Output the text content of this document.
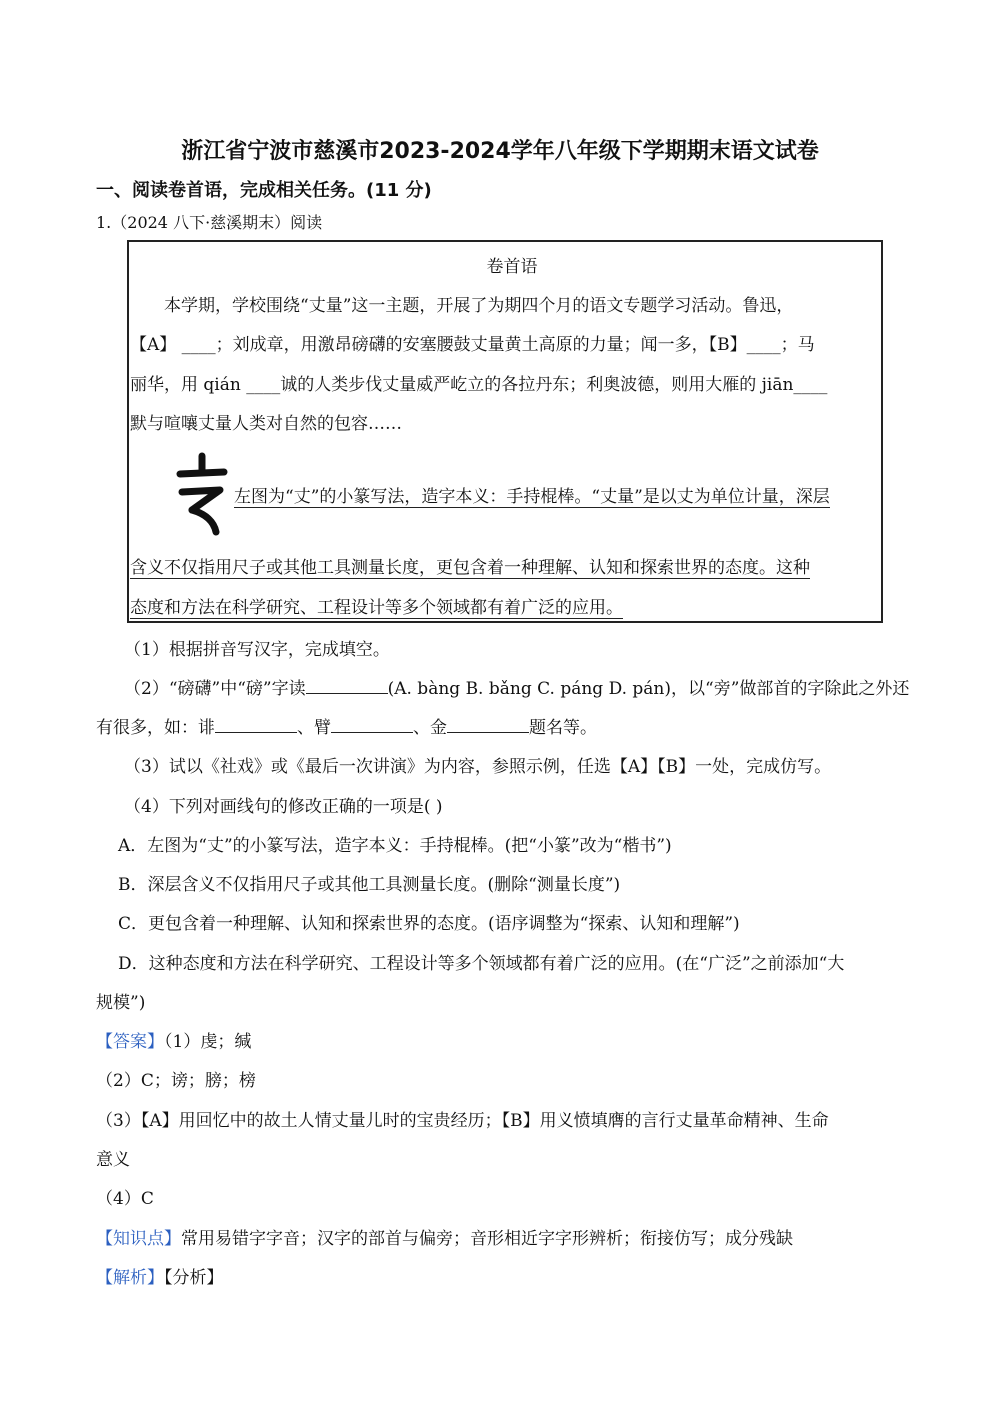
浙江省宁波市慈溪市2023-2024学年八年级下学期期末语文试卷
一、阅读卷首语，完成相关任务。(11 分)
1.（2024 八下·慈溪期末）阅读
卷首语
本学期，学校围绕“丈量”这一主题，开展了为期四个月的语文专题学习活动。鲁迅，
【A】 ____；刘成章，用激昂磅礴的安塞腰鼓丈量黄土高原的力量；闻一多，【B】____；马
丽华，用 qián ____诚的人类步伐丈量威严屹立的各拉丹东；利奥波德，则用大雁的 jiān____
默与喧嚷丈量人类对自然的包容……
左图为“丈”的小篆写法，造字本义：手持棍棒。“丈量”是以丈为单位计量，深层
含义不仅指用尺子或其他工具测量长度，更包含着一种理解、认知和探索世界的态度。这种
态度和方法在科学研究、工程设计等多个领域都有着广泛的应用。
（1）根据拼音写汉字，完成填空。
（2）“磅礴”中“磅”字读	(A. bàng B. bǎng C. páng D. pán)，以“旁”做部首的字除此之外还
有很多，如：诽	、臂	、金	题名等。
（3）试以《社戏》或《最后一次讲演》为内容，参照示例，任选【A】【B】一处，完成仿写。
（4）下列对画线句的修改正确的一项是( )
A．左图为“丈”的小篆写法，造字本义：手持棍棒。(把“小篆”改为“楷书”)
B．深层含义不仅指用尺子或其他工具测量长度。(删除“测量长度”)
C．更包含着一种理解、认知和探索世界的态度。(语序调整为“探索、认知和理解”)
D．这种态度和方法在科学研究、工程设计等多个领域都有着广泛的应用。(在“广泛”之前添加“大
规模”)
【答案】（1）虔；缄
（2）C；谤；膀；榜
（3）【A】用回忆中的故土人情丈量儿时的宝贵经历；【B】用义愤填膺的言行丈量革命精神、生命
意义
（4）C
【知识点】常用易错字字音；汉字的部首与偏旁；音形相近字字形辨析；衔接仿写；成分残缺
【解析】【分析】
